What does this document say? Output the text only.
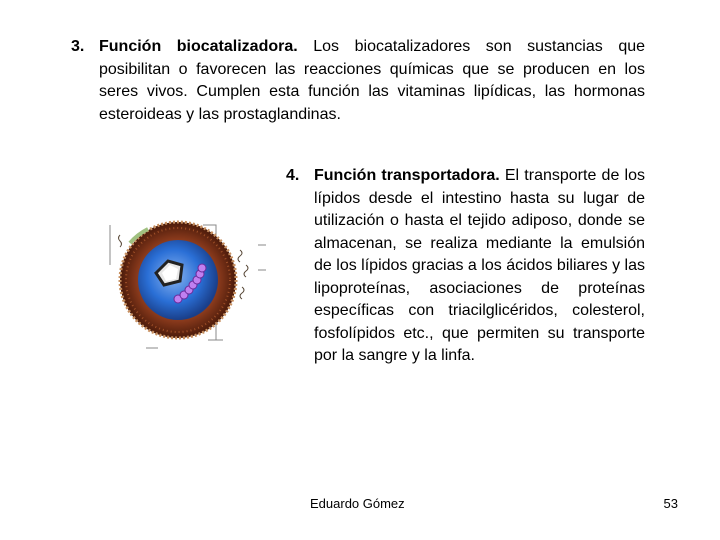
3. Función biocatalizadora. Los biocatalizadores son sustancias que posibilitan o favorecen las reacciones químicas que se producen en los seres vivos. Cumplen esta función las vitaminas lipídicas, las hormonas esteroideas y las prostaglandinas.
4. Función transportadora. El transporte de los lípidos desde el intestino hasta su lugar de utilización o hasta el tejido adiposo, donde se almacenan, se realiza mediante la emulsión de los lípidos gracias a los ácidos biliares y las lipoproteínas, asociaciones de proteínas específicas con triacilglicéridos, colesterol, fosfolípidos etc., que permiten su transporte por la sangre y la linfa.
Eduardo Gómez	53
